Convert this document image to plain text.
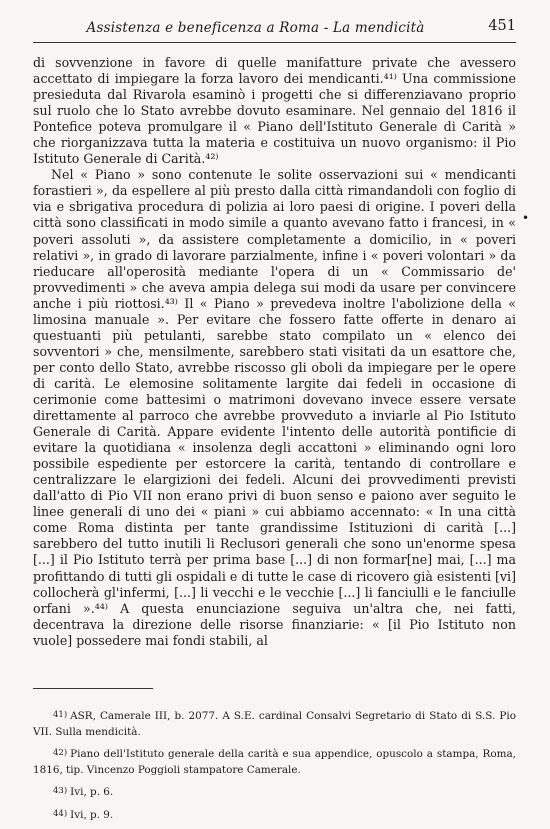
Assistenza e beneficenza a Roma - La mendicità	451

di sovvenzione in favore di quelle manifatture private che avessero accettato di impiegare la forza lavoro dei mendicanti.⁴¹⁾ Una commissione presieduta dal Rivarola esaminò i progetti che si differenziavano proprio sul ruolo che lo Stato avrebbe dovuto esaminare. Nel gennaio del 1816 il Pontefice poteva promulgare il « Piano dell'Istituto Generale di Carità » che riorganizzava tutta la materia e costituiva un nuovo organismo: il Pio Istituto Generale di Carità.⁴²⁾

Nel « Piano » sono contenute le solite osservazioni sui « mendicanti forastieri », da espellere al più presto dalla città rimandandoli con foglio di via e sbrigativa procedura di polizia ai loro paesi di origine. I poveri della città sono classificati in modo simile a quanto avevano fatto i francesi, in « poveri assoluti », da assistere completamente a domicilio, in « poveri relativi », in grado di lavorare parzialmente, infine i « poveri volontari » da rieducare all'operosità mediante l'opera di un « Commissario de' provvedimenti » che aveva ampia delega sui modi da usare per convincere anche i più riottosi.⁴³⁾ Il « Piano » prevedeva inoltre l'abolizione della « limosina manuale ». Per evitare che fossero fatte offerte in denaro ai questuanti più petulanti, sarebbe stato compilato un « elenco dei sovventori » che, mensilmente, sarebbero stati visitati da un esattore che, per conto dello Stato, avrebbe riscosso gli oboli da impiegare per le opere di carità. Le elemosine solitamente largite dai fedeli in occasione di cerimonie come battesimi o matrimoni dovevano invece essere versate direttamente al parroco che avrebbe provveduto a inviarle al Pio Istituto Generale di Carità. Appare evidente l'intento delle autorità pontificie di evitare la quotidiana « insolenza degli accattoni » eliminando ogni loro possibile espediente per estorcere la carità, tentando di controllare e centralizzare le elargizioni dei fedeli. Alcuni dei provvedimenti previsti dall'atto di Pio VII non erano privi di buon senso e paiono aver seguito le linee generali di uno dei « piani » cui abbiamo accennato: « In una città come Roma distinta per tante grandissime Istituzioni di carità [...] sarebbero del tutto inutili li Reclusori generali che sono un'enorme spesa [...] il Pio Istituto terrà per prima base [...] di non formar[ne] mai, [...] ma profittando di tutti gli ospidali e di tutte le case di ricovero già esistenti [vi] collocherà gl'infermi, [...] li vecchi e le vecchie [...] li fanciulli e le fanciulle orfani ».⁴⁴⁾ A questa enunciazione seguiva un'altra che, nei fatti, decentrava la direzione delle risorse finanziarie: « [il Pio Istituto non vuole] possedere mai fondi stabili, al

•

41) ASR, Camerale III, b. 2077. A S.E. cardinal Consalvi Segretario di Stato di S.S. Pio VII. Sulla mendicità.

42) Piano dell'Istituto generale della carità e sua appendice, opuscolo a stampa, Roma, 1816, tip. Vincenzo Poggioli stampatore Camerale.

43) Ivi, p. 6.

44) Ivi, p. 9.
